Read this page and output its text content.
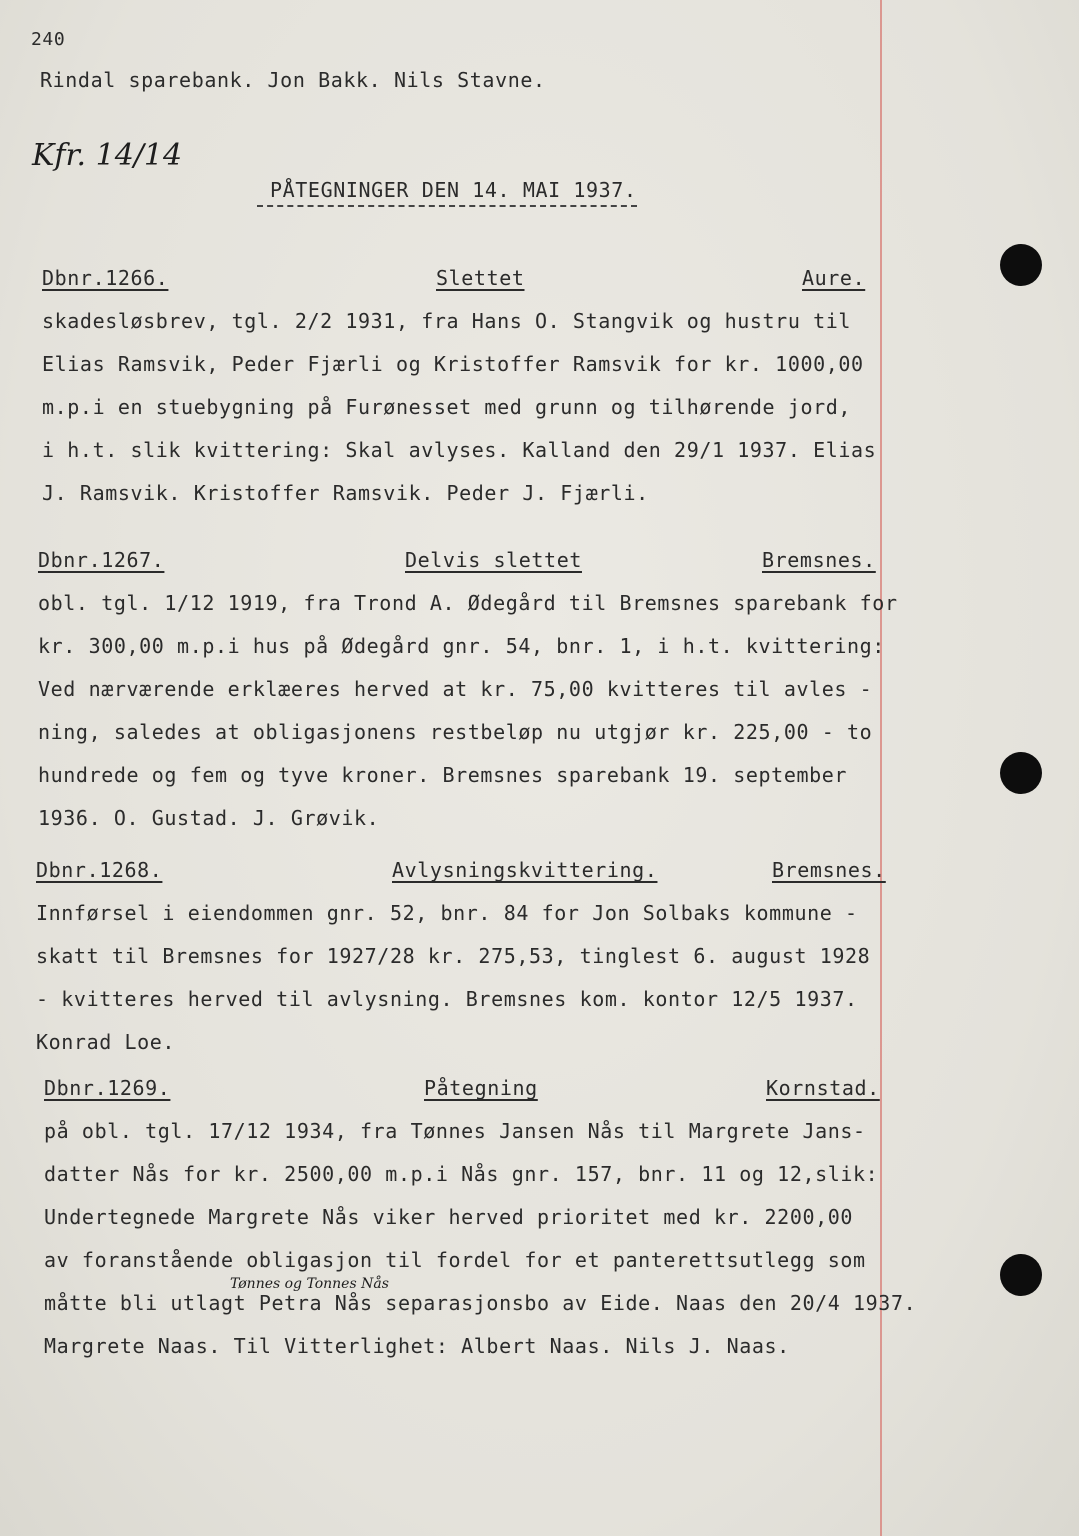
240
Rindal sparebank. Jon Bakk. Nils Stavne.
Kfr. 14/14
PÅTEGNINGER DEN 14. MAI 1937.
Dbnr.1266.	Slettet	Aure.
skadesløsbrev, tgl. 2/2 1931, fra Hans O. Stangvik og hustru til
Elias Ramsvik, Peder Fjærli og Kristoffer Ramsvik for kr. 1000,00
m.p.i en stuebygning på Furønesset med grunn og tilhørende jord,
i h.t. slik kvittering: Skal avlyses. Kalland den 29/1 1937. Elias
J. Ramsvik. Kristoffer Ramsvik. Peder J. Fjærli.
Dbnr.1267.	Delvis slettet	Bremsnes.
obl. tgl. 1/12 1919, fra Trond A. Ødegård til Bremsnes sparebank for
kr. 300,00 m.p.i hus på Ødegård gnr. 54, bnr. 1, i h.t. kvittering:
Ved nærværende erklæeres herved at kr. 75,00 kvitteres til avles -
ning, saledes at obligasjonens restbeløp nu utgjør kr. 225,00 - to
hundrede og fem og tyve kroner. Bremsnes sparebank 19. september
1936. O. Gustad. J. Grøvik.
Dbnr.1268.	Avlysningskvittering.	Bremsnes.
Innførsel i eiendommen gnr. 52, bnr. 84 for Jon Solbaks kommune -
skatt til Bremsnes for 1927/28 kr. 275,53, tinglest 6. august 1928
- kvitteres herved til avlysning. Bremsnes kom. kontor 12/5 1937.
Konrad Loe.
Dbnr.1269.	Påtegning	Kornstad.
på obl. tgl. 17/12 1934, fra Tønnes Jansen Nås til Margrete Jans-
datter Nås for kr. 2500,00 m.p.i Nås gnr. 157, bnr. 11 og 12,slik:
Undertegnede Margrete Nås viker herved prioritet med kr. 2200,00
av foranstående obligasjon til fordel for et panterettsutlegg som
Tønnes og Tonnes Nås
måtte bli utlagt Petra Nås separasjonsbo av Eide. Naas den 20/4 1937.
Margrete Naas. Til Vitterlighet: Albert Naas. Nils J. Naas.
